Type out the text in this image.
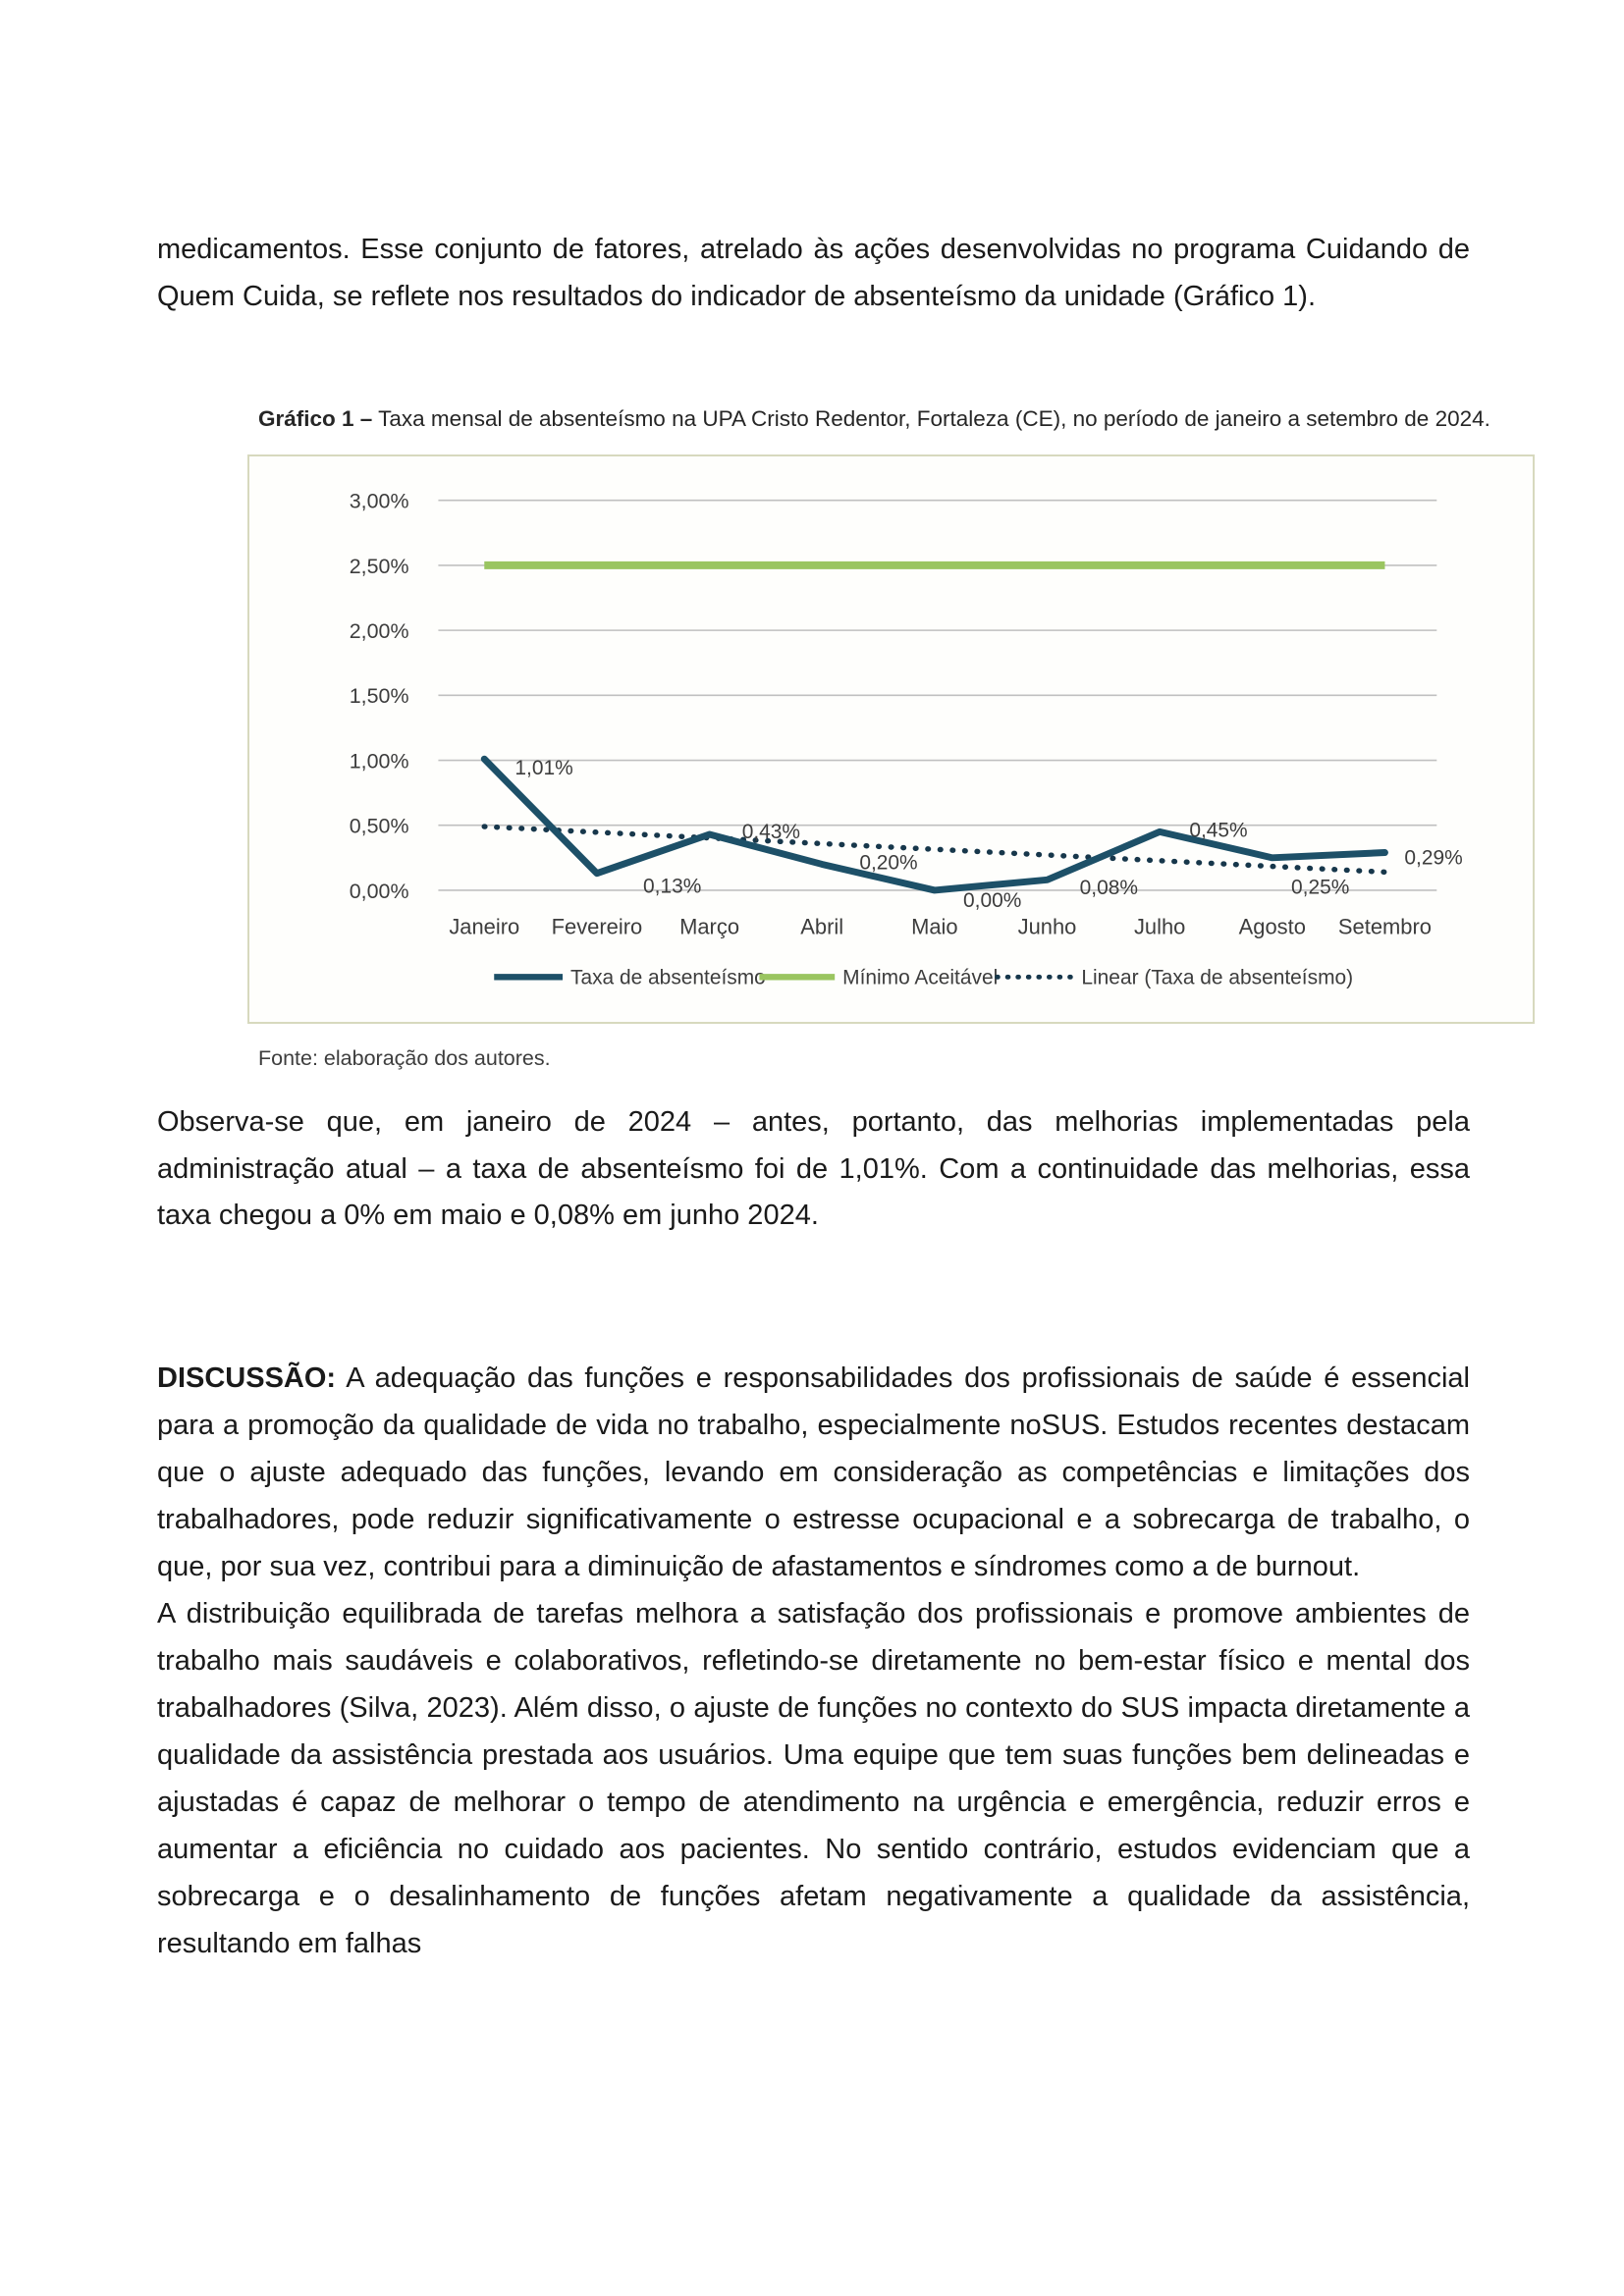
medicamentos. Esse conjunto de fatores, atrelado às ações desenvolvidas no programa Cuidando de Quem Cuida, se reflete nos resultados do indicador de absenteísmo da unidade (Gráfico 1).

Gráfico 1 – Taxa mensal de absenteísmo na UPA Cristo Redentor, Fortaleza (CE), no período de janeiro a setembro de 2024.

3,00%
2,50%
2,00%
1,50%
1,00%
0,50%
0,00%
1,01%
0,13%
0,43%
0,20%
0,00%
0,08%
0,45%
0,25%
0,29%
Janeiro Fevereiro Março	Abril	Maio	Junho	Julho Agosto Setembro
Taxa de absenteísmo	Mínimo Aceitável	Linear (Taxa de absenteísmo)

Fonte: elaboração dos autores.

Observa-se que, em janeiro de 2024 – antes, portanto, das melhorias implementadas pela administração atual – a taxa de absenteísmo foi de 1,01%. Com a continuidade das melhorias, essa taxa chegou a 0% em maio e 0,08% em junho 2024.

DISCUSSÃO: A adequação das funções e responsabilidades dos profissionais de saúde é essencial para a promoção da qualidade de vida no trabalho, especialmente noSUS. Estudos recentes destacam que o ajuste adequado das funções, levando em consideração as competências e limitações dos trabalhadores, pode reduzir significativamente o estresse ocupacional e a sobrecarga de trabalho, o que, por sua vez, contribui para a diminuição de afastamentos e síndromes como a de burnout.

A distribuição equilibrada de tarefas melhora a satisfação dos profissionais e promove ambientes de trabalho mais saudáveis e colaborativos, refletindo-se diretamente no bem-estar físico e mental dos trabalhadores (Silva, 2023). Além disso, o ajuste de funções no contexto do SUS impacta diretamente a qualidade da assistência prestada aos usuários. Uma equipe que tem suas funções bem delineadas e ajustadas é capaz de melhorar o tempo de atendimento na urgência e emergência, reduzir erros e aumentar a eficiência no cuidado aos pacientes. No sentido contrário, estudos evidenciam que a sobrecarga e o desalinhamento de funções afetam negativamente a qualidade da assistência, resultando em falhas
